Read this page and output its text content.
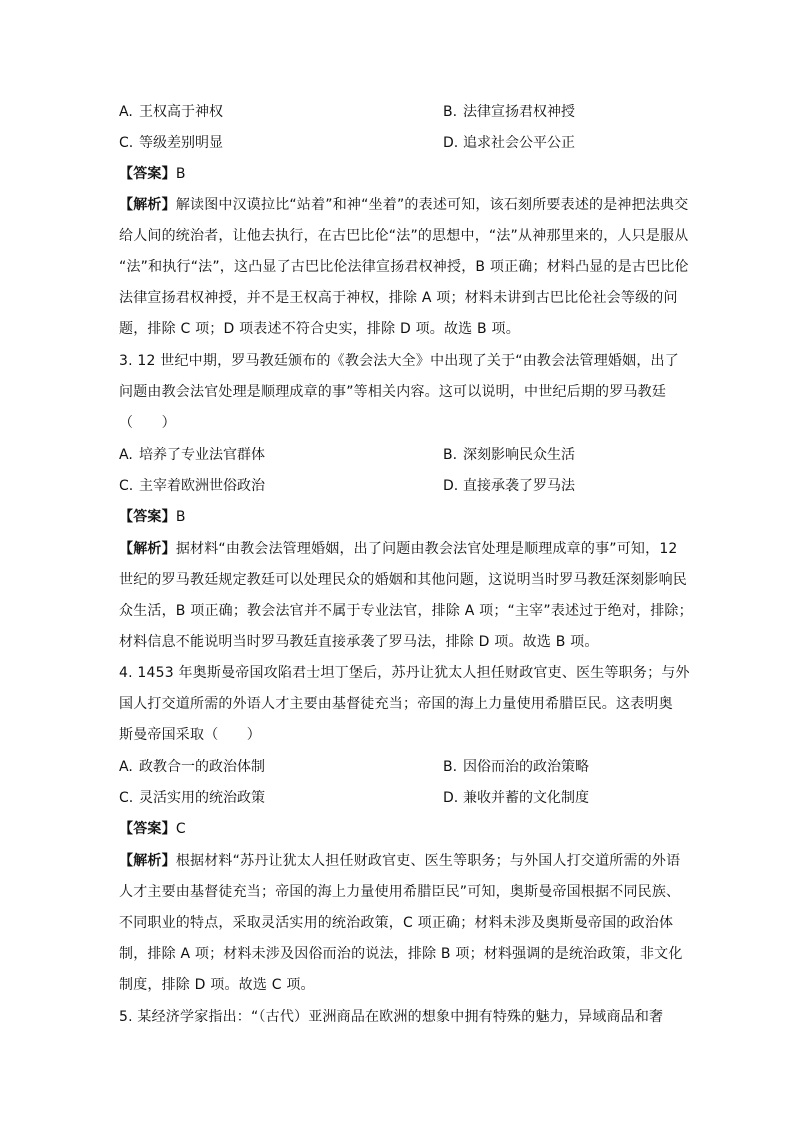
A. 王权高于神权	B. 法律宣扬君权神授
C. 等级差别明显	D. 追求社会公平公正
【答案】B
【解析】解读图中汉谟拉比“站着”和神“坐着”的表述可知，该石刻所要表述的是神把法典交
给人间的统治者，让他去执行，在古巴比伦“法”的思想中，“法”从神那里来的，人只是服从
“法”和执行“法”，这凸显了古巴比伦法律宣扬君权神授，B 项正确；材料凸显的是古巴比伦
法律宣扬君权神授，并不是王权高于神权，排除 A 项；材料未讲到古巴比伦社会等级的问
题，排除 C 项；D 项表述不符合史实，排除 D 项。故选 B 项。
3. 12 世纪中期，罗马教廷颁布的《教会法大全》中出现了关于“由教会法管理婚姻，出了
问题由教会法官处理是顺理成章的事”等相关内容。这可以说明，中世纪后期的罗马教廷
（　　）
A. 培养了专业法官群体	B. 深刻影响民众生活
C. 主宰着欧洲世俗政治	D. 直接承袭了罗马法
【答案】B
【解析】据材料“由教会法管理婚姻，出了问题由教会法官处理是顺理成章的事”可知，12
世纪的罗马教廷规定教廷可以处理民众的婚姻和其他问题，这说明当时罗马教廷深刻影响民
众生活，B 项正确；教会法官并不属于专业法官，排除 A 项；“主宰”表述过于绝对，排除；
材料信息不能说明当时罗马教廷直接承袭了罗马法，排除 D 项。故选 B 项。
4. 1453 年奥斯曼帝国攻陷君士坦丁堡后，苏丹让犹太人担任财政官吏、医生等职务；与外
国人打交道所需的外语人才主要由基督徒充当；帝国的海上力量使用希腊臣民。这表明奥
斯曼帝国采取（　　）
A. 政教合一的政治体制	B. 因俗而治的政治策略
C. 灵活实用的统治政策	D. 兼收并蓄的文化制度
【答案】C
【解析】根据材料“苏丹让犹太人担任财政官吏、医生等职务；与外国人打交道所需的外语
人才主要由基督徒充当；帝国的海上力量使用希腊臣民”可知，奥斯曼帝国根据不同民族、
不同职业的特点，采取灵活实用的统治政策，C 项正确；材料未涉及奥斯曼帝国的政治体
制，排除 A 项；材料未涉及因俗而治的说法，排除 B 项；材料强调的是统治政策，非文化
制度，排除 D 项。故选 C 项。
5. 某经济学家指出：“（古代）亚洲商品在欧洲的想象中拥有特殊的魅力，异域商品和奢
